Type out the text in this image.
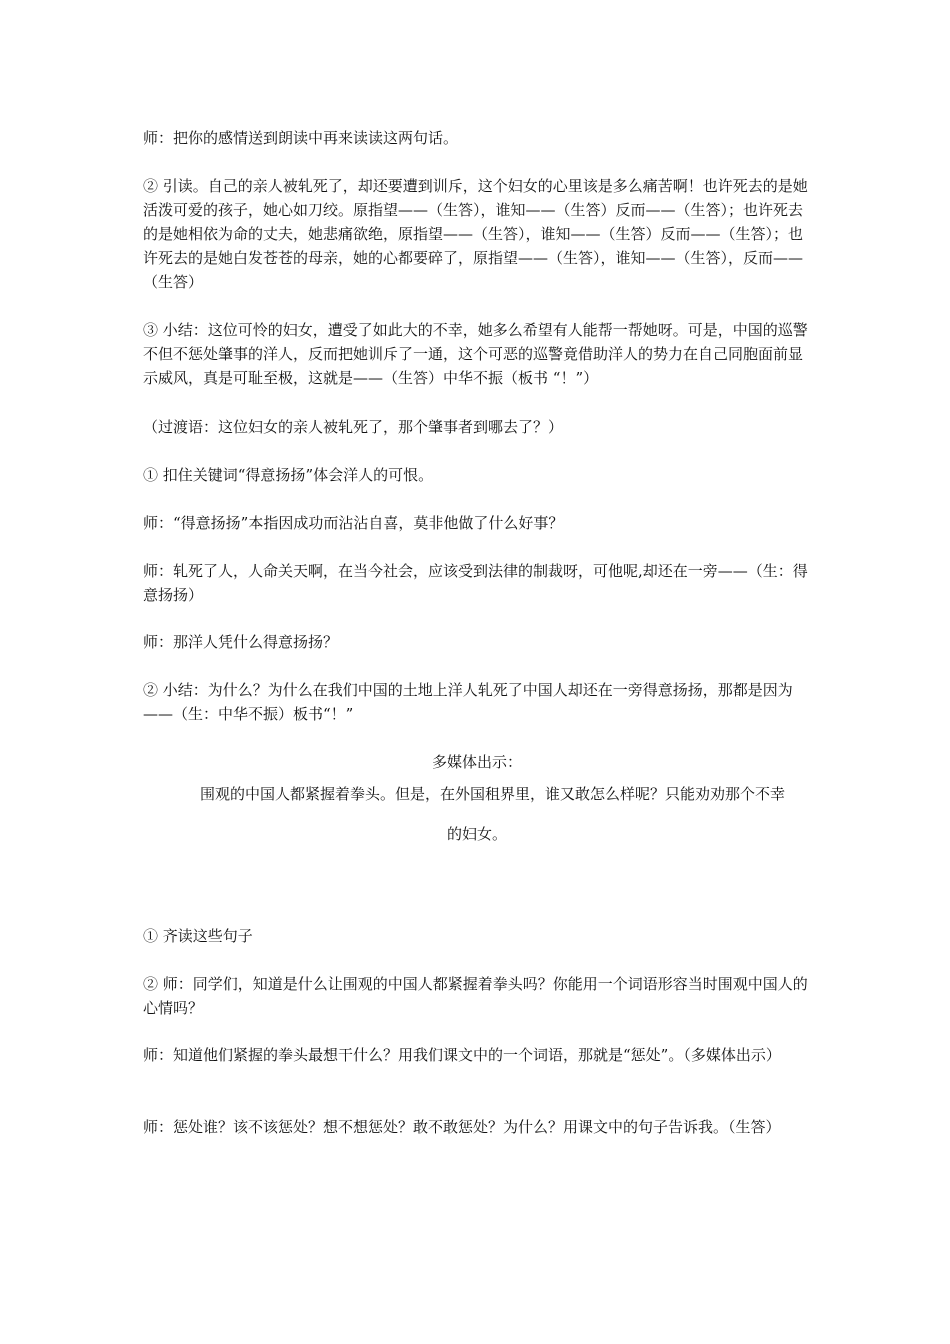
师：把你的感情送到朗读中再来读读这两句话。

② 引读。自己的亲人被轧死了，却还要遭到训斥，这个妇女的心里该是多么痛苦啊！也许死去的是她活泼可爱的孩子，她心如刀绞。原指望——（生答），谁知——（生答）反而——（生答）；也许死去的是她相依为命的丈夫，她悲痛欲绝，原指望——（生答），谁知——（生答）反而——（生答）；也许死去的是她白发苍苍的母亲，她的心都要碎了，原指望——（生答），谁知——（生答），反而——（生答）

③ 小结：这位可怜的妇女，遭受了如此大的不幸，她多么希望有人能帮一帮她呀。可是，中国的巡警不但不惩处肇事的洋人，反而把她训斥了一通，这个可恶的巡警竟借助洋人的势力在自己同胞面前显示威风，真是可耻至极，这就是——（生答）中华不振（板书 “！”）

（过渡语：这位妇女的亲人被轧死了，那个肇事者到哪去了？）

① 扣住关键词“得意扬扬”体会洋人的可恨。

师：“得意扬扬”本指因成功而沾沾自喜，莫非他做了什么好事？

师：轧死了人，人命关天啊，在当今社会，应该受到法律的制裁呀，可他呢,却还在一旁——（生：得意扬扬）

师：那洋人凭什么得意扬扬？

② 小结：为什么？为什么在我们中国的土地上洋人轧死了中国人却还在一旁得意扬扬，那都是因为——（生：中华不振）板书“！”

多媒体出示：

围观的中国人都紧握着拳头。但是，在外国租界里，谁又敢怎么样呢？只能劝劝那个不幸

的妇女。

① 齐读这些句子

② 师：同学们，知道是什么让围观的中国人都紧握着拳头吗？你能用一个词语形容当时围观中国人的心情吗？

师：知道他们紧握的拳头最想干什么？用我们课文中的一个词语，那就是“惩处”。（多媒体出示）

师：惩处谁？该不该惩处？想不想惩处？敢不敢惩处？为什么？用课文中的句子告诉我。（生答）
